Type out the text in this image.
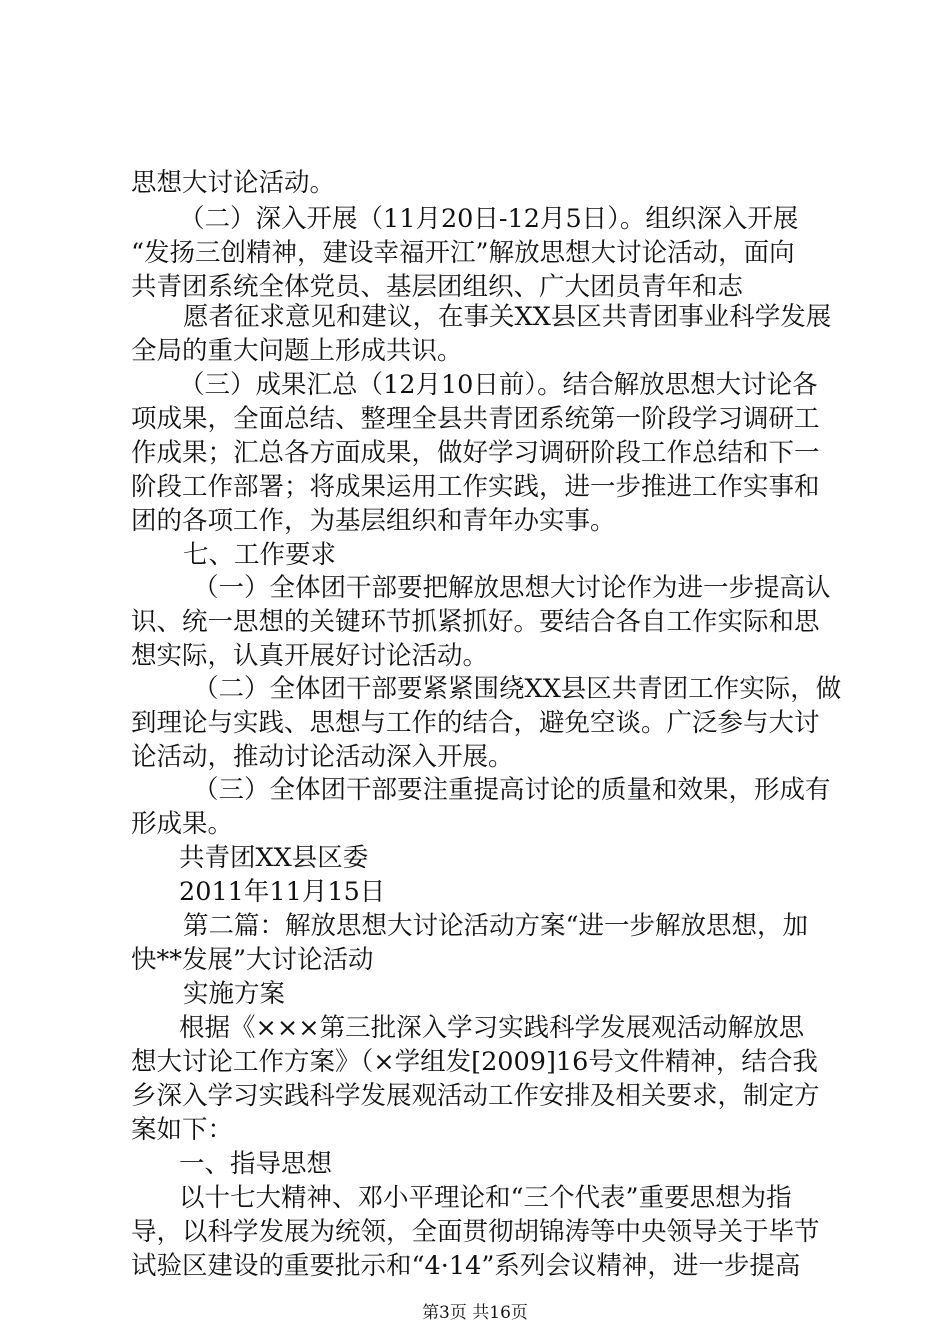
思想大讨论活动。
（二）深入开展（11月20日-12月5日）。组织深入开展
“发扬三创精神，建设幸福开江”解放思想大讨论活动，面向
共青团系统全体党员、基层团组织、广大团员青年和志
愿者征求意见和建议，在事关XX县区共青团事业科学发展
全局的重大问题上形成共识。
（三）成果汇总（12月10日前）。结合解放思想大讨论各
项成果，全面总结、整理全县共青团系统第一阶段学习调研工
作成果；汇总各方面成果，做好学习调研阶段工作总结和下一
阶段工作部署；将成果运用工作实践，进一步推进工作实事和
团的各项工作，为基层组织和青年办实事。
七、工作要求
（一）全体团干部要把解放思想大讨论作为进一步提高认
识、统一思想的关键环节抓紧抓好。要结合各自工作实际和思
想实际，认真开展好讨论活动。
（二）全体团干部要紧紧围绕XX县区共青团工作实际，做
到理论与实践、思想与工作的结合，避免空谈。广泛参与大讨
论活动，推动讨论活动深入开展。
（三）全体团干部要注重提高讨论的质量和效果，形成有
形成果。
共青团XX县区委
2011年11月15日
第二篇：解放思想大讨论活动方案“进一步解放思想，加
快**发展”大讨论活动
实施方案
根据《×××第三批深入学习实践科学发展观活动解放思
想大讨论工作方案》（×学组发[2009]16号文件精神，结合我
乡深入学习实践科学发展观活动工作安排及相关要求，制定方
案如下：
一、指导思想
以十七大精神、邓小平理论和“三个代表”重要思想为指
导，以科学发展为统领，全面贯彻胡锦涛等中央领导关于毕节
试验区建设的重要批示和“4·14”系列会议精神，进一步提高
第3页 共16页
